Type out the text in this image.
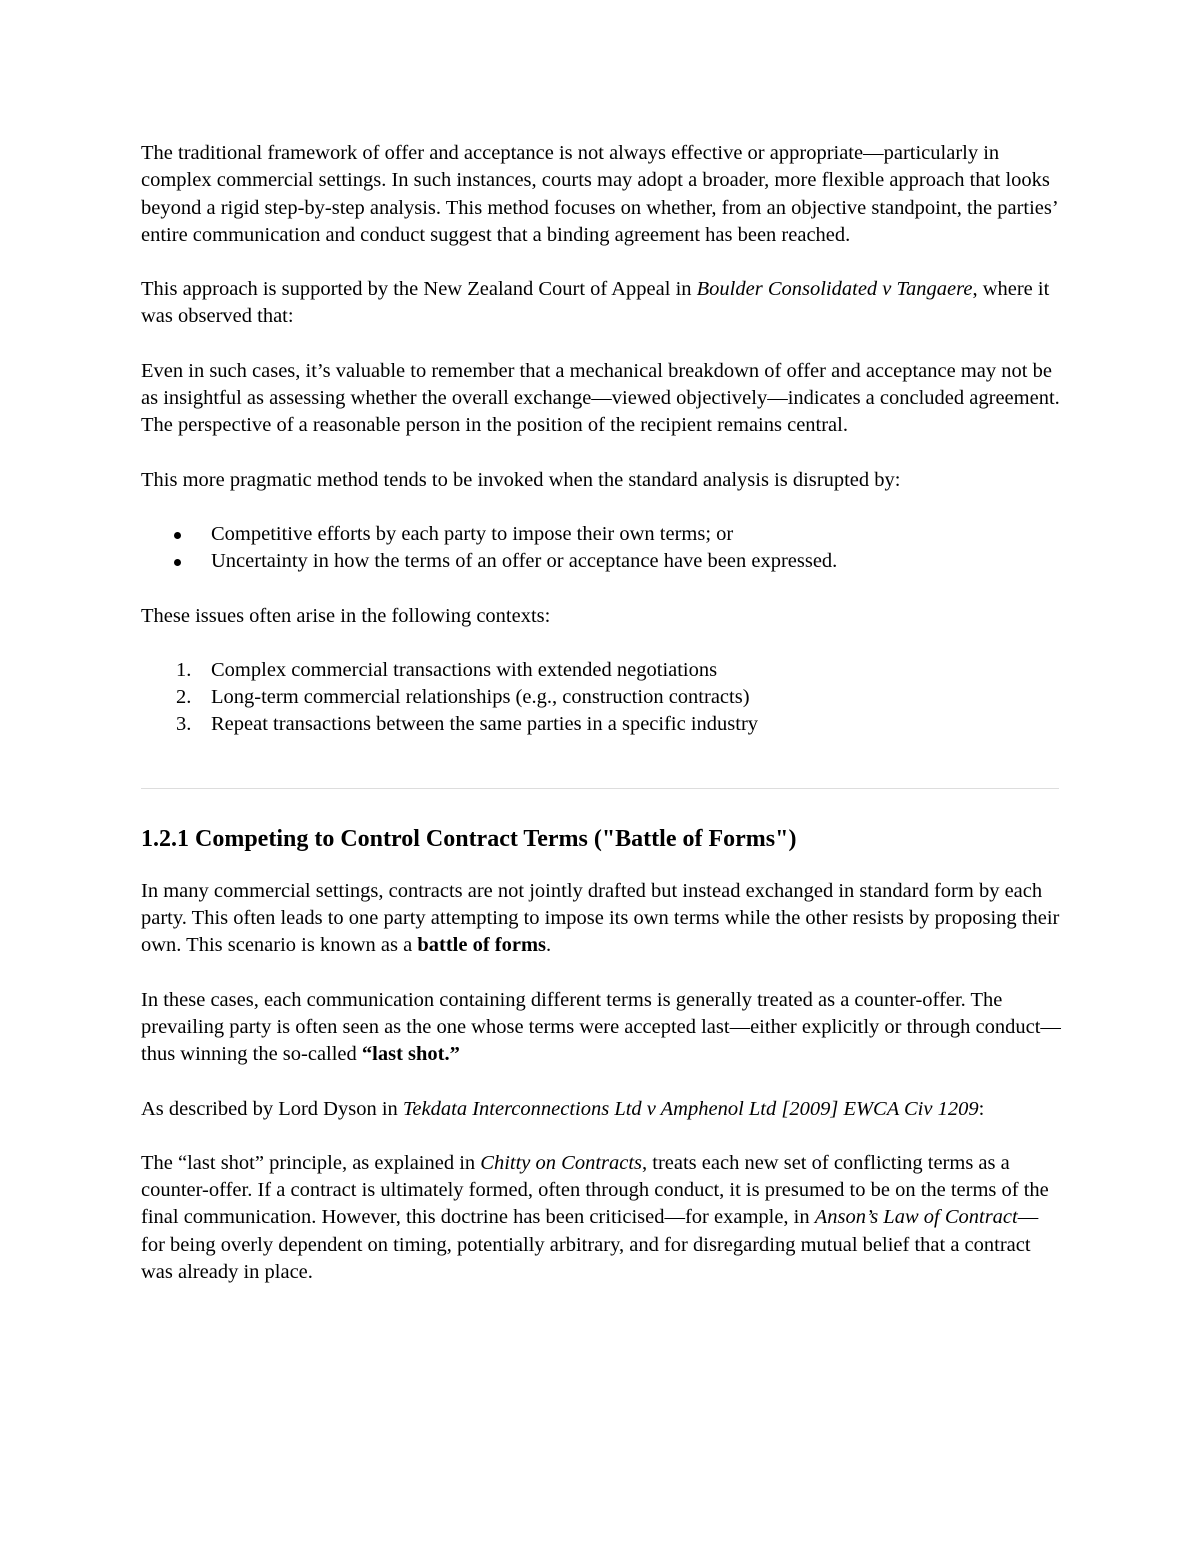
The traditional framework of offer and acceptance is not always effective or appropriate—particularly in complex commercial settings. In such instances, courts may adopt a broader, more flexible approach that looks beyond a rigid step-by-step analysis. This method focuses on whether, from an objective standpoint, the parties’ entire communication and conduct suggest that a binding agreement has been reached.

This approach is supported by the New Zealand Court of Appeal in Boulder Consolidated v Tangaere, where it was observed that:

Even in such cases, it’s valuable to remember that a mechanical breakdown of offer and acceptance may not be as insightful as assessing whether the overall exchange—viewed objectively—indicates a concluded agreement. The perspective of a reasonable person in the position of the recipient remains central.

This more pragmatic method tends to be invoked when the standard analysis is disrupted by:

Competitive efforts by each party to impose their own terms; or
Uncertainty in how the terms of an offer or acceptance have been expressed.

These issues often arise in the following contexts:

1. Complex commercial transactions with extended negotiations
2. Long-term commercial relationships (e.g., construction contracts)
3. Repeat transactions between the same parties in a specific industry
1.2.1 Competing to Control Contract Terms ("Battle of Forms")

In many commercial settings, contracts are not jointly drafted but instead exchanged in standard form by each party. This often leads to one party attempting to impose its own terms while the other resists by proposing their own. This scenario is known as a battle of forms.

In these cases, each communication containing different terms is generally treated as a counter-offer. The prevailing party is often seen as the one whose terms were accepted last—either explicitly or through conduct—thus winning the so-called “last shot.”

As described by Lord Dyson in Tekdata Interconnections Ltd v Amphenol Ltd [2009] EWCA Civ 1209:

The “last shot” principle, as explained in Chitty on Contracts, treats each new set of conflicting terms as a counter-offer. If a contract is ultimately formed, often through conduct, it is presumed to be on the terms of the final communication. However, this doctrine has been criticised—for example, in Anson’s Law of Contract—for being overly dependent on timing, potentially arbitrary, and for disregarding mutual belief that a contract was already in place.
